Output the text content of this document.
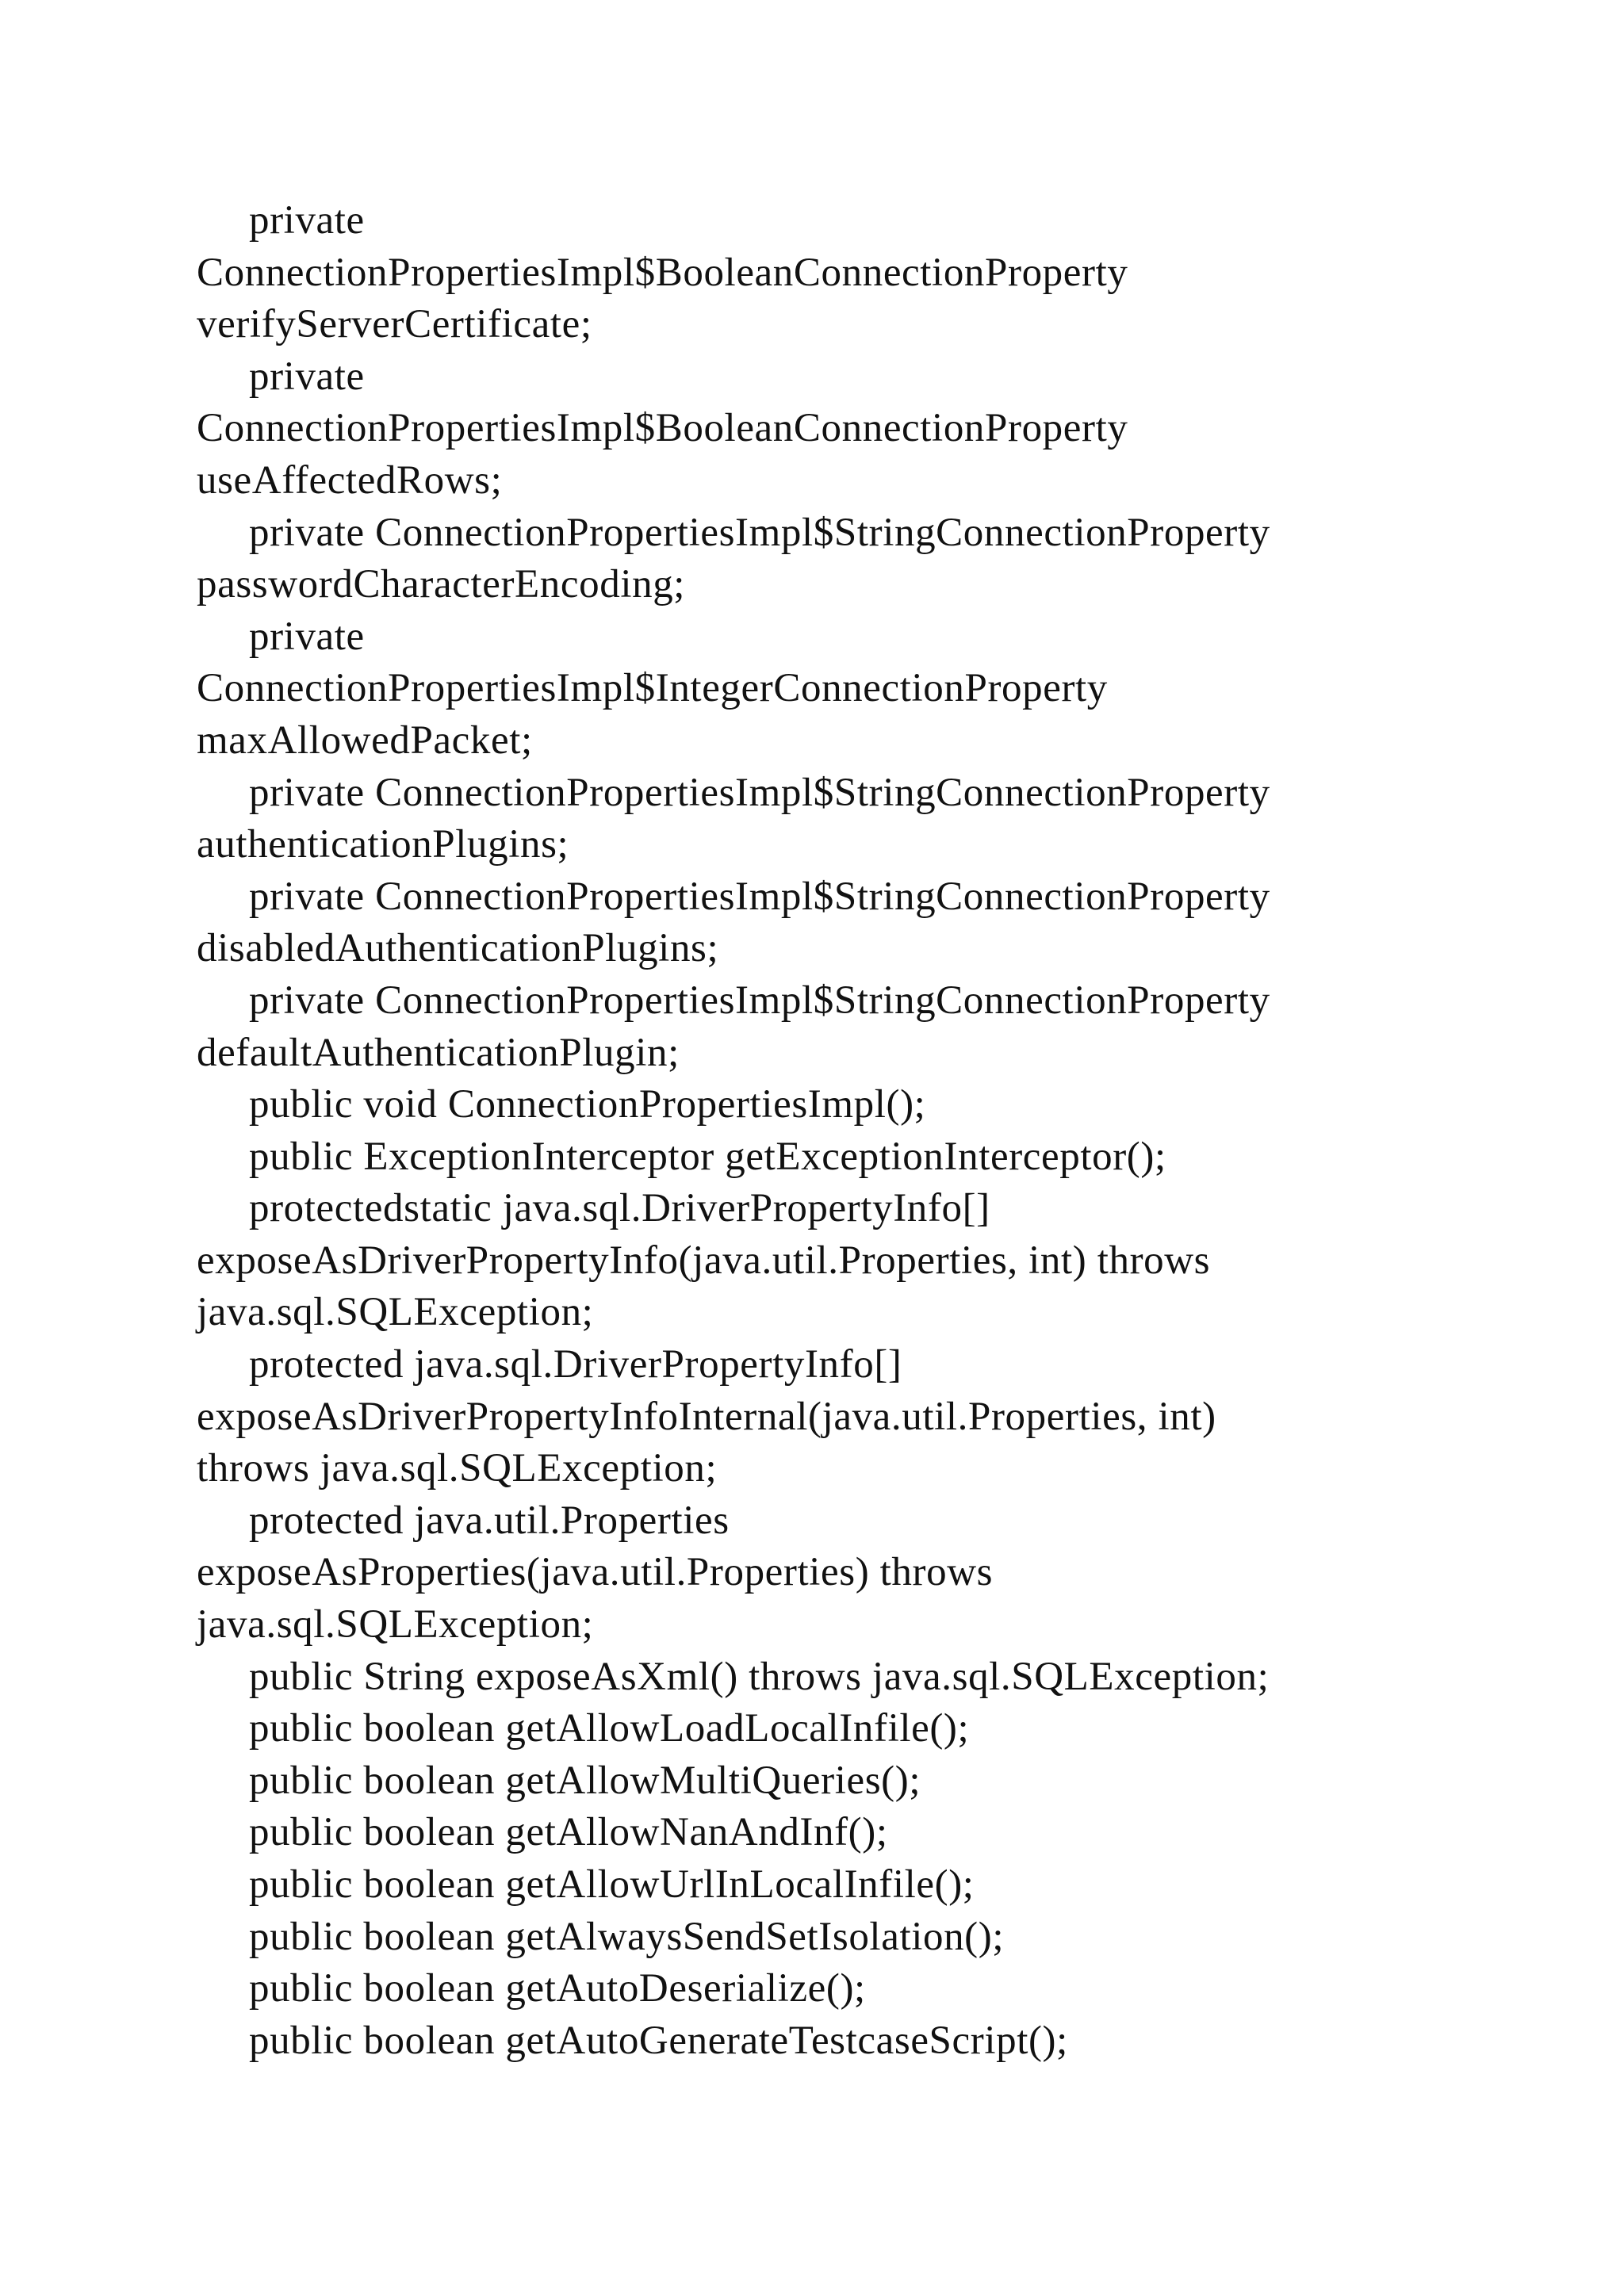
private
ConnectionPropertiesImpl$BooleanConnectionProperty
verifyServerCertificate;
private
ConnectionPropertiesImpl$BooleanConnectionProperty
useAffectedRows;
private ConnectionPropertiesImpl$StringConnectionProperty
passwordCharacterEncoding;
private
ConnectionPropertiesImpl$IntegerConnectionProperty
maxAllowedPacket;
private ConnectionPropertiesImpl$StringConnectionProperty
authenticationPlugins;
private ConnectionPropertiesImpl$StringConnectionProperty
disabledAuthenticationPlugins;
private ConnectionPropertiesImpl$StringConnectionProperty
defaultAuthenticationPlugin;
public void ConnectionPropertiesImpl();
public ExceptionInterceptor getExceptionInterceptor();
protectedstatic java.sql.DriverPropertyInfo[]
exposeAsDriverPropertyInfo(java.util.Properties, int) throws
java.sql.SQLException;
protected java.sql.DriverPropertyInfo[]
exposeAsDriverPropertyInfoInternal(java.util.Properties, int)
throws java.sql.SQLException;
protected java.util.Properties
exposeAsProperties(java.util.Properties) throws
java.sql.SQLException;
public String exposeAsXml() throws java.sql.SQLException;
public boolean getAllowLoadLocalInfile();
public boolean getAllowMultiQueries();
public boolean getAllowNanAndInf();
public boolean getAllowUrlInLocalInfile();
public boolean getAlwaysSendSetIsolation();
public boolean getAutoDeserialize();
public boolean getAutoGenerateTestcaseScript();
